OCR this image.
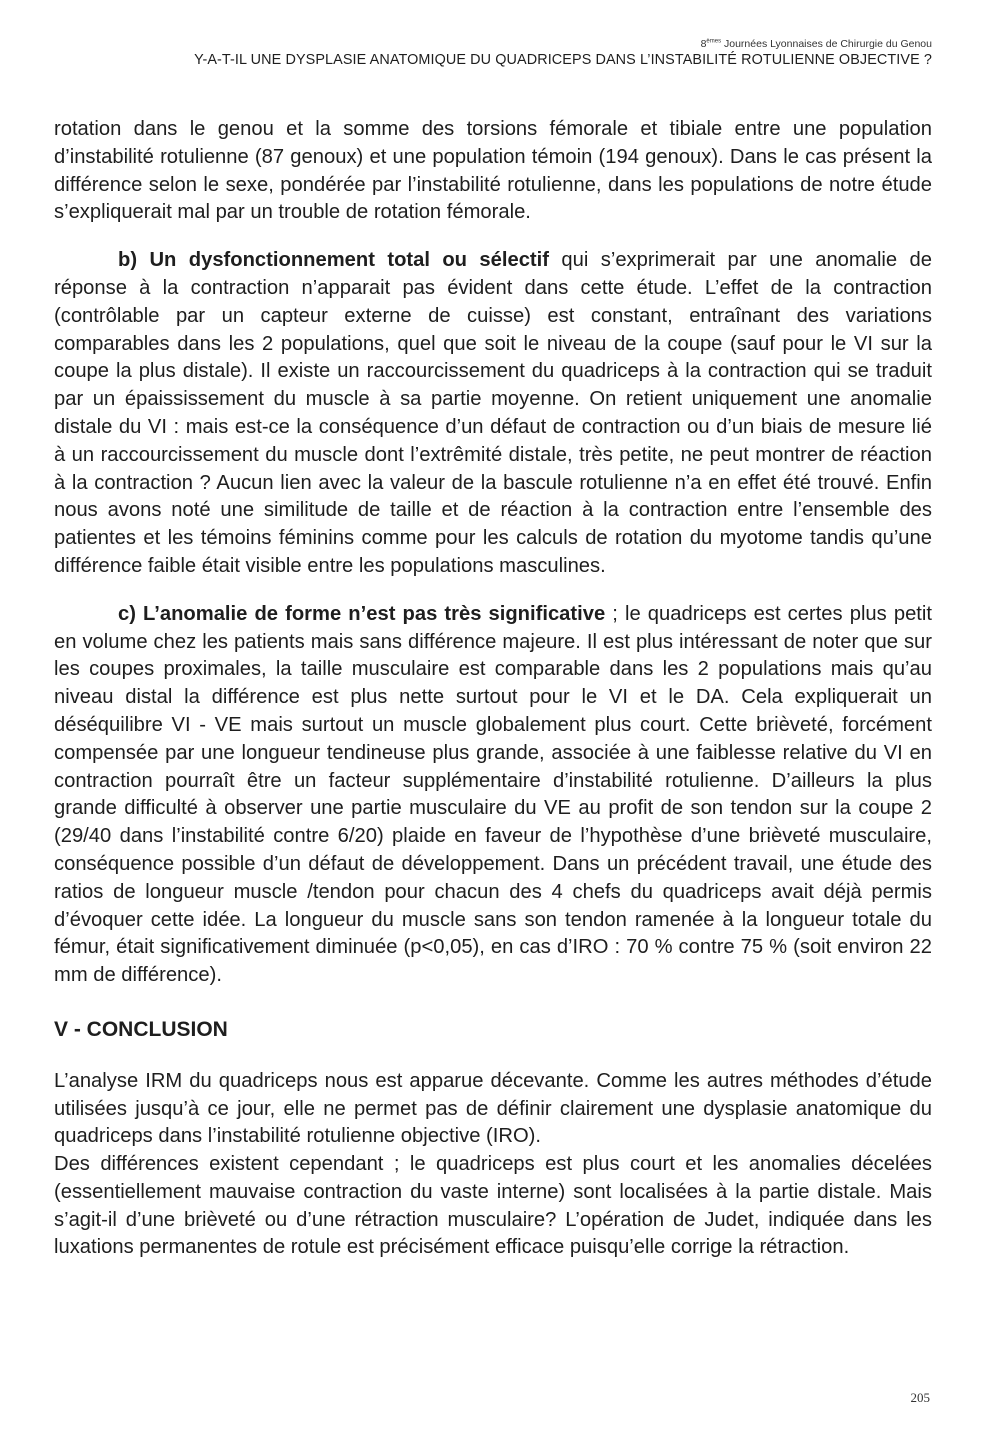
8èmes Journées Lyonnaises de Chirurgie du Genou
Y-A-T-IL UNE DYSPLASIE ANATOMIQUE DU QUADRICEPS DANS L’INSTABILITÉ ROTULIENNE OBJECTIVE ?

rotation dans le genou et la somme des torsions fémorale et tibiale entre une population d’instabilité rotulienne (87 genoux) et une population témoin (194 genoux). Dans le cas présent la différence selon le sexe, pondérée par l’instabilité rotulienne, dans les populations de notre étude s’expliquerait mal par un trouble de rotation fémorale.

b) Un dysfonctionnement total ou sélectif qui s’exprimerait par une anomalie de réponse à la contraction n’apparait pas évident dans cette étude. L’effet de la contraction (contrôlable par un capteur externe de cuisse) est constant, entraînant des variations comparables dans les 2 populations, quel que soit le niveau de la coupe (sauf pour le VI sur la coupe la plus distale). Il existe un raccourcissement du quadriceps à la contraction qui se traduit par un épaississement du muscle à sa partie moyenne. On retient uniquement une anomalie distale du VI : mais est-ce la conséquence d’un défaut de contraction ou d’un biais de mesure lié à un raccourcissement du muscle dont l’extrêmité distale, très petite, ne peut montrer de réaction à la contraction ? Aucun lien avec la valeur de la bascule rotulienne n’a en effet été trouvé. Enfin nous avons noté une similitude de taille et de réaction à la contraction entre l’ensemble des patientes et les témoins féminins comme pour les calculs de rotation du myotome tandis qu’une différence faible était visible entre les populations masculines.

c) L’anomalie de forme n’est pas très significative ; le quadriceps est certes plus petit en volume chez les patients mais sans différence majeure. Il est plus intéressant de noter que sur les coupes proximales, la taille musculaire est comparable dans les 2 populations mais qu’au niveau distal la différence est plus nette surtout pour le VI et le DA. Cela expliquerait un déséquilibre VI - VE mais surtout un muscle globalement plus court. Cette brièveté, forcément compensée par une longueur tendineuse plus grande, associée à une faiblesse relative du VI en contraction pourraît être un facteur supplémentaire d’instabilité rotulienne. D’ailleurs la plus grande difficulté à observer une partie musculaire du VE au profit de son tendon sur la coupe 2 (29/40 dans l’instabilité contre 6/20) plaide en faveur de l’hypothèse d’une brièveté musculaire, conséquence possible d’un défaut de développement. Dans un précédent travail, une étude des ratios de longueur muscle /tendon pour chacun des 4 chefs du quadriceps avait déjà permis d’évoquer cette idée. La longueur du muscle sans son tendon ramenée à la longueur totale du fémur, était significativement diminuée (p<0,05), en cas d’IRO : 70 % contre 75 % (soit environ 22 mm de différence).

V - CONCLUSION

L’analyse IRM du quadriceps nous est apparue décevante. Comme les autres méthodes d’étude utilisées jusqu’à ce jour, elle ne permet pas de définir clairement une dysplasie anatomique du quadriceps dans l’instabilité rotulienne objective (IRO).

Des différences existent cependant ; le quadriceps est plus court et les anomalies décelées (essentiellement mauvaise contraction du vaste interne) sont localisées à la partie distale. Mais s’agit-il d’une brièveté ou d’une rétraction musculaire? L’opération de Judet, indiquée dans les luxations permanentes de rotule est précisément efficace puisqu’elle corrige la rétraction.

205
